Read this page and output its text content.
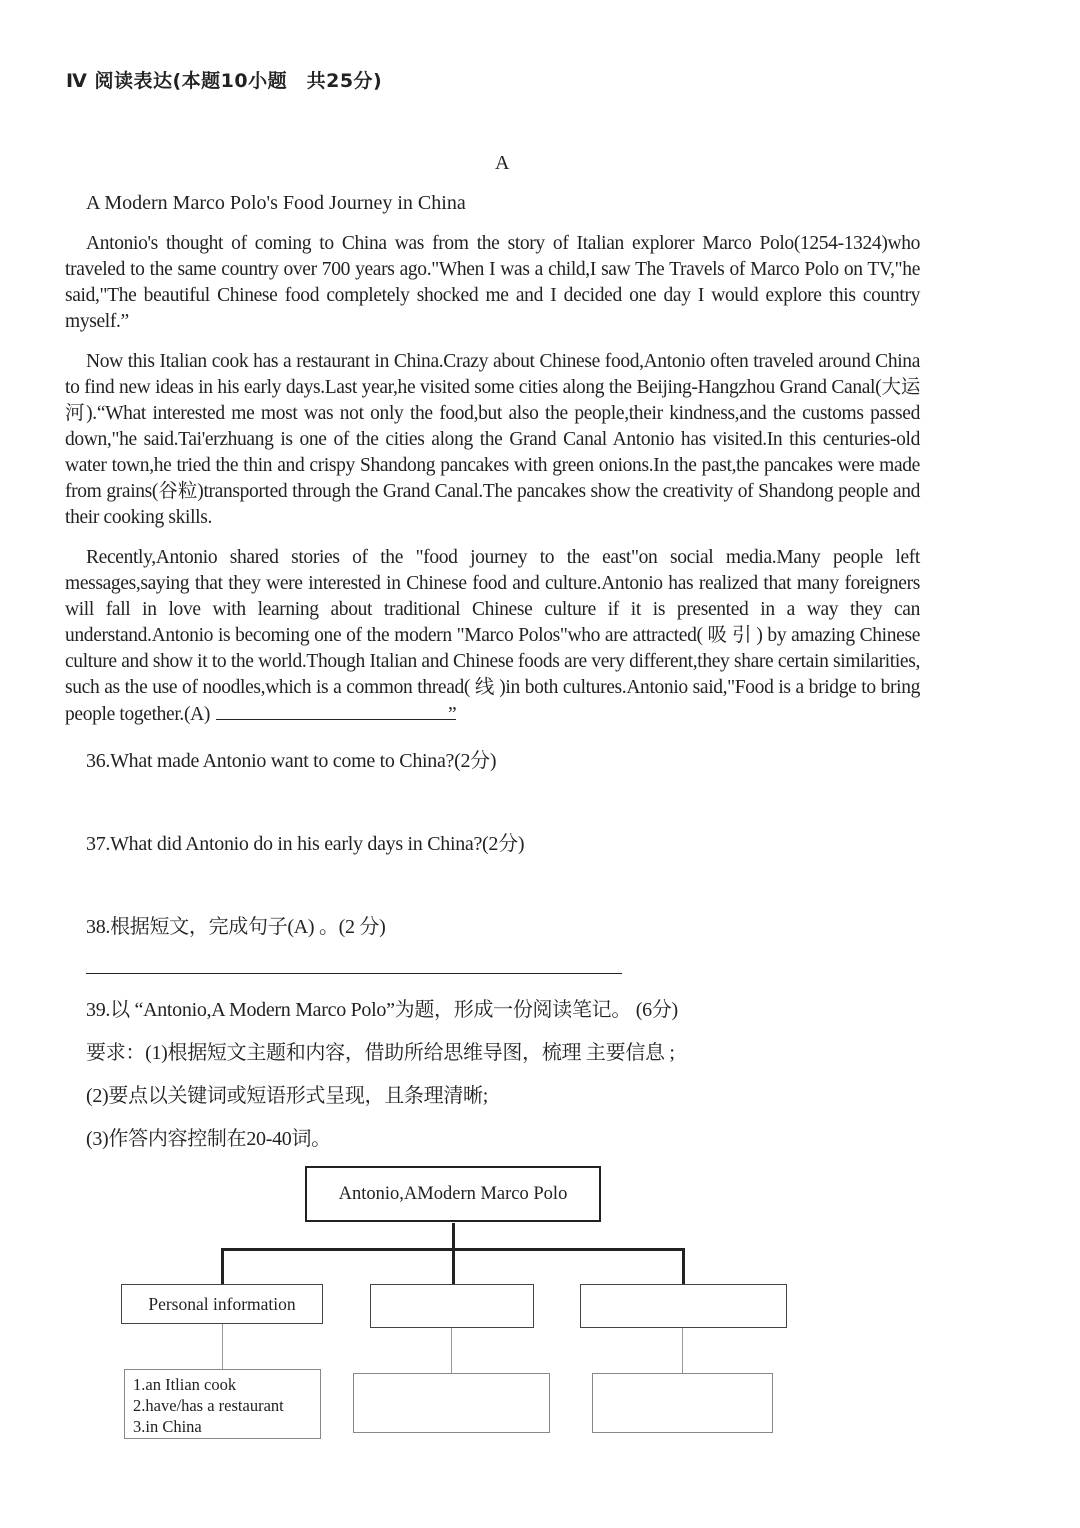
Ⅳ 阅读表达(本题10小题　共25分)
A
A Modern Marco Polo's Food Journey in China

Antonio's thought of coming to China was from the story of Italian explorer Marco Polo(1254-1324)who traveled to the same country over 700 years ago."When I was a child,I saw The Travels of Marco Polo on TV,"he said,"The beautiful Chinese food completely shocked me and I decided one day I would explore this country myself.”

Now this Italian cook has a restaurant in China.Crazy about Chinese food,Antonio often traveled around China to find new ideas in his early days.Last year,he visited some cities along the Beijing-Hangzhou Grand Canal(大运河).“What interested me most was not only the food,but also the people,their kindness,and the customs passed down,"he said.Tai'erzhuang is one of the cities along the Grand Canal Antonio has visited.In this centuries-old water town,he tried the thin and crispy Shandong pancakes with green onions.In the past,the pancakes were made from grains(谷粒)transported through the Grand Canal.The pancakes show the creativity of Shandong people and their cooking skills.

Recently,Antonio shared stories of the "food journey to the east"on social media.Many people left messages,saying that they were interested in Chinese food and culture.Antonio has realized that many foreigners will fall in love with learning about traditional Chinese culture if it is presented in a way they can understand.Antonio is becoming one of the modern "Marco Polos"who are attracted( 吸 引 ) by amazing Chinese culture and show it to the world.Though Italian and Chinese foods are very different,they share certain similarities, such as the use of noodles,which is a common thread( 线 )in both cultures.Antonio said,"Food is a bridge to bring people together.(A)	”

36.What made Antonio want to come to China?(2分)
37.What did Antonio do in his early days in China?(2分)
38.根据短文，完成句子(A) 。(2 分)
39.以 “Antonio,A Modern Marco Polo”为题，形成一份阅读笔记。 (6分)
要求：(1)根据短文主题和内容，借助所给思维导图，梳理 主要信息 ;
(2)要点以关键词或短语形式呈现，且条理清晰;
(3)作答内容控制在20-40词。
Antonio,AModern Marco Polo
Personal information
1.an Itlian cook
2.have/has a restaurant
3.in China
